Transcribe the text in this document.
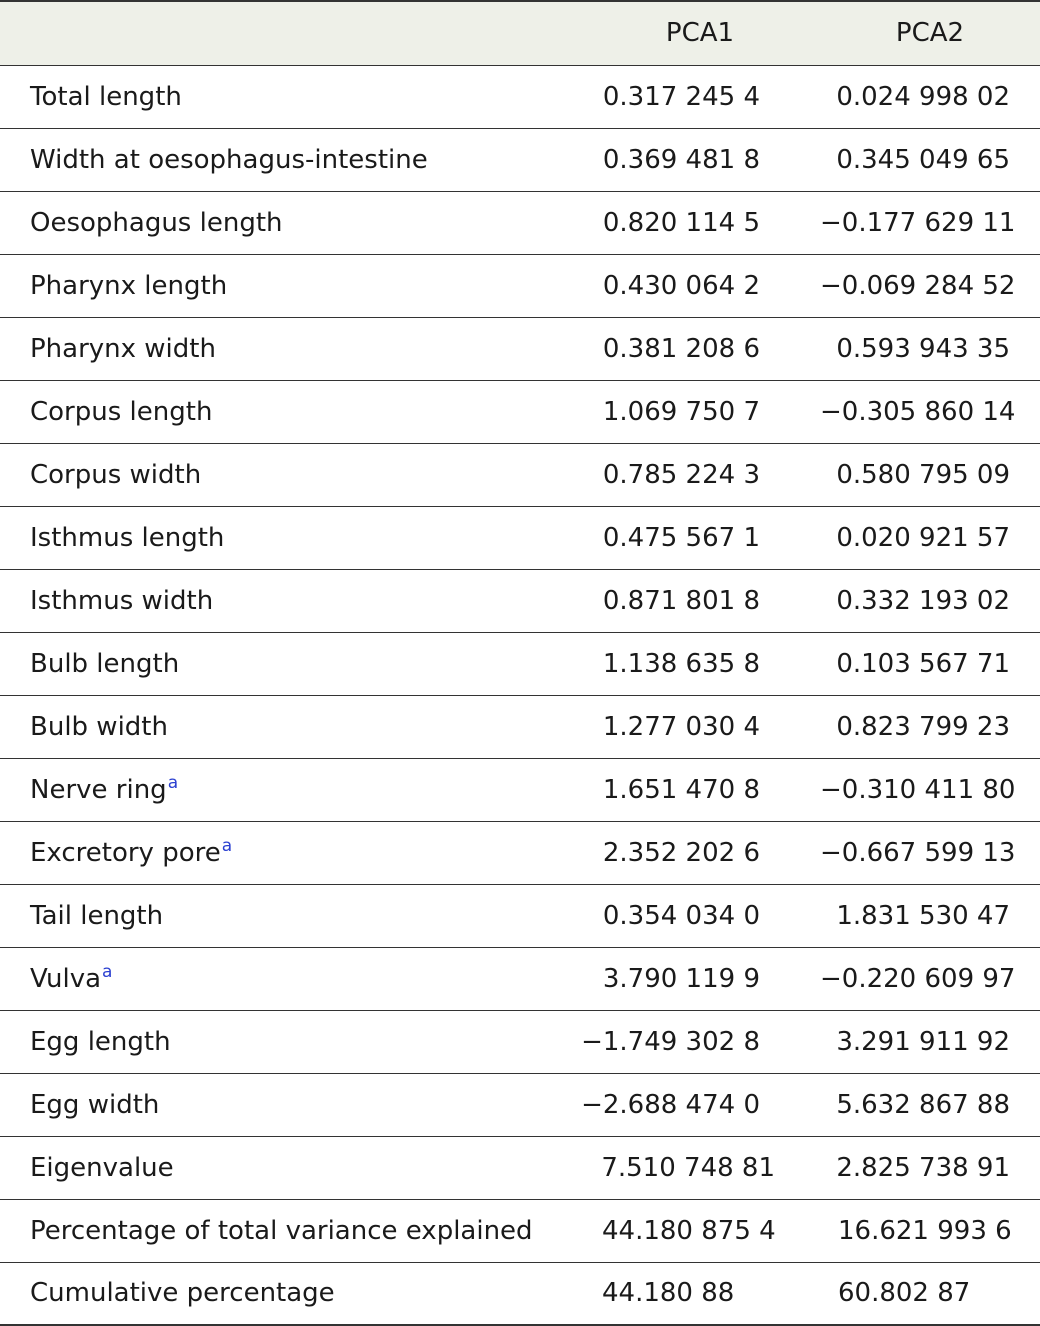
	PCA1	PCA2
Total length	0.317 245 4	0.024 998 02
Width at oesophagus-intestine	0.369 481 8	0.345 049 65
Oesophagus length	0.820 114 5	−0.177 629 11
Pharynx length	0.430 064 2	−0.069 284 52
Pharynx width	0.381 208 6	0.593 943 35
Corpus length	1.069 750 7	−0.305 860 14
Corpus width	0.785 224 3	0.580 795 09
Isthmus length	0.475 567 1	0.020 921 57
Isthmus width	0.871 801 8	0.332 193 02
Bulb length	1.138 635 8	0.103 567 71
Bulb width	1.277 030 4	0.823 799 23
Nerve ring$^a$	1.651 470 8	−0.310 411 80
Excretory pore$^a$	2.352 202 6	−0.667 599 13
Tail length	0.354 034 0	1.831 530 47
Vulva$^a$	3.790 119 9	−0.220 609 97
Egg length	−1.749 302 8	3.291 911 92
Egg width	−2.688 474 0	5.632 867 88
Eigenvalue	7.510 748 81	2.825 738 91
Percentage of total variance explained	44.180 875 4	16.621 993 6
Cumulative percentage	44.180 88	60.802 87
